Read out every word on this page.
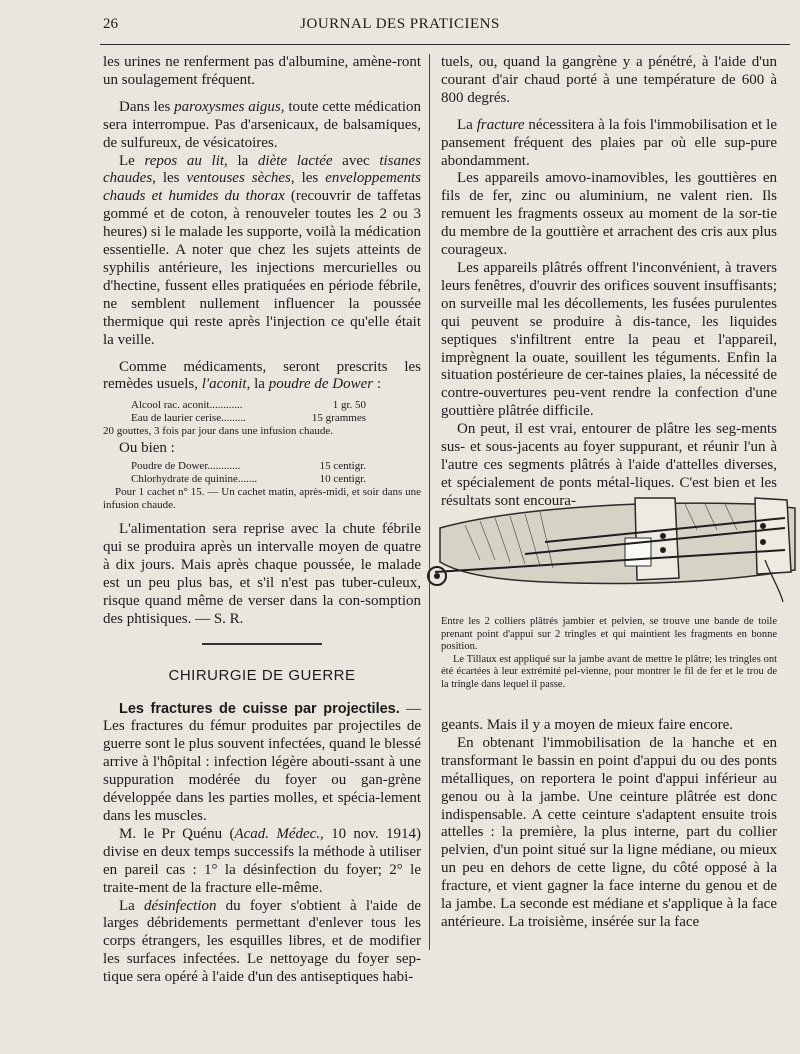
26	JOURNAL DES PRATICIENS

les urines ne renferment pas d'albumine, amène-ront un soulagement fréquent.

Dans les paroxysmes aigus, toute cette médication sera interrompue. Pas d'arsenicaux, de balsamiques, de sulfureux, de vésicatoires.

Le repos au lit, la diète lactée avec tisanes chaudes, les ventouses sèches, les enveloppements chauds et humides du thorax (recouvrir de taffetas gommé et de coton, à renouveler toutes les 2 ou 3 heures) si le malade les supporte, voilà la médication essentielle. A noter que chez les sujets atteints de syphilis antérieure, les injections mercurielles ou d'hectine, fussent elles pratiquées en période fébrile, ne semblent nullement influencer la poussée thermique qui reste après l'injection ce qu'elle était la veille.

Comme médicaments, seront prescrits les remèdes usuels, l'aconit, la poudre de Dower :

Alcool rac. aconit............	1 gr. 50
Eau de laurier cerise.........	15 grammes
20 gouttes, 3 fois par jour dans une infusion chaude.
Ou bien :
Poudre de Dower............	15 centigr.
Chlorhydrate de quinine.......	10 centigr.
Pour 1 cachet n° 15. — Un cachet matin, après-midi, et soir dans une infusion chaude.

L'alimentation sera reprise avec la chute fébrile qui se produira après un intervalle moyen de quatre à dix jours. Mais après chaque poussée, le malade est un peu plus bas, et s'il n'est pas tuber-culeux, risque quand même de verser dans la con-somption des phtisiques. — S. R.

CHIRURGIE DE GUERRE

Les fractures de cuisse par projectiles. — Les fractures du fémur produites par projectiles de guerre sont le plus souvent infectées, quand le blessé arrive à l'hôpital : infection légère abouti-ssant à une suppuration modérée du foyer ou gan-grène développée dans les parties molles, et spécia-lement dans les muscles.

M. le Pr Quénu (Acad. Médec., 10 nov. 1914) divise en deux temps successifs la méthode à utiliser en pareil cas : 1° la désinfection du foyer; 2° le traite-ment de la fracture elle-même.

La désinfection du foyer s'obtient à l'aide de larges débridements permettant d'enlever tous les corps étrangers, les esquilles libres, et de modifier les surfaces infectées. Le nettoyage du foyer sep-tique sera opéré à l'aide d'un des antiseptiques habi-

tuels, ou, quand la gangrène y a pénétré, à l'aide d'un courant d'air chaud porté à une température de 600 à 800 degrés.

La fracture nécessitera à la fois l'immobilisation et le pansement fréquent des plaies par où elle sup-pure abondamment.

Les appareils amovo-inamovibles, les gouttières en fils de fer, zinc ou aluminium, ne valent rien. Ils remuent les fragments osseux au moment de la sor-tie du membre de la gouttière et arrachent des cris aux plus courageux.

Les appareils plâtrés offrent l'inconvénient, à travers leurs fenêtres, d'ouvrir des orifices souvent insuffisants; on surveille mal les décollements, les fusées purulentes qui peuvent se produire à dis-tance, les liquides septiques s'infiltrent entre la peau et l'appareil, imprègnent la ouate, souillent les téguments. Enfin la situation postérieure de cer-taines plaies, la nécessité de contre-ouvertures peu-vent rendre la confection d'une gouttière plâtrée difficile.

On peut, il est vrai, entourer de plâtre les seg-ments sus- et sous-jacents au foyer suppurant, et réunir l'un à l'autre ces segments plâtrés à l'aide d'attelles diverses, et spécialement de ponts métal-liques. C'est bien et les résultats sont encoura-

Entre les 2 colliers plâtrés jambier et pelvien, se trouve une bande de toile prenant point d'appui sur 2 tringles et qui maintient les fragments en bonne position.

Le Tillaux est appliqué sur la jambe avant de mettre le plâtre; les tringles ont été écartées à leur extrémité pel-vienne, pour montrer le fil de fer et le trou de la tringle dans lequel il passe.

geants. Mais il y a moyen de mieux faire encore.

En obtenant l'immobilisation de la hanche et en transformant le bassin en point d'appui du ou des ponts métalliques, on reportera le point d'appui inférieur au genou ou à la jambe. Une ceinture plâtrée est donc indispensable. A cette ceinture s'adaptent ensuite trois attelles : la première, la plus interne, part du collier pelvien, d'un point situé sur la ligne médiane, ou mieux un peu en dehors de cette ligne, du côté opposé à la fracture, et vient gagner la face interne du genou et de la jambe. La seconde est médiane et s'applique à la face antérieure. La troisième, insérée sur la face
